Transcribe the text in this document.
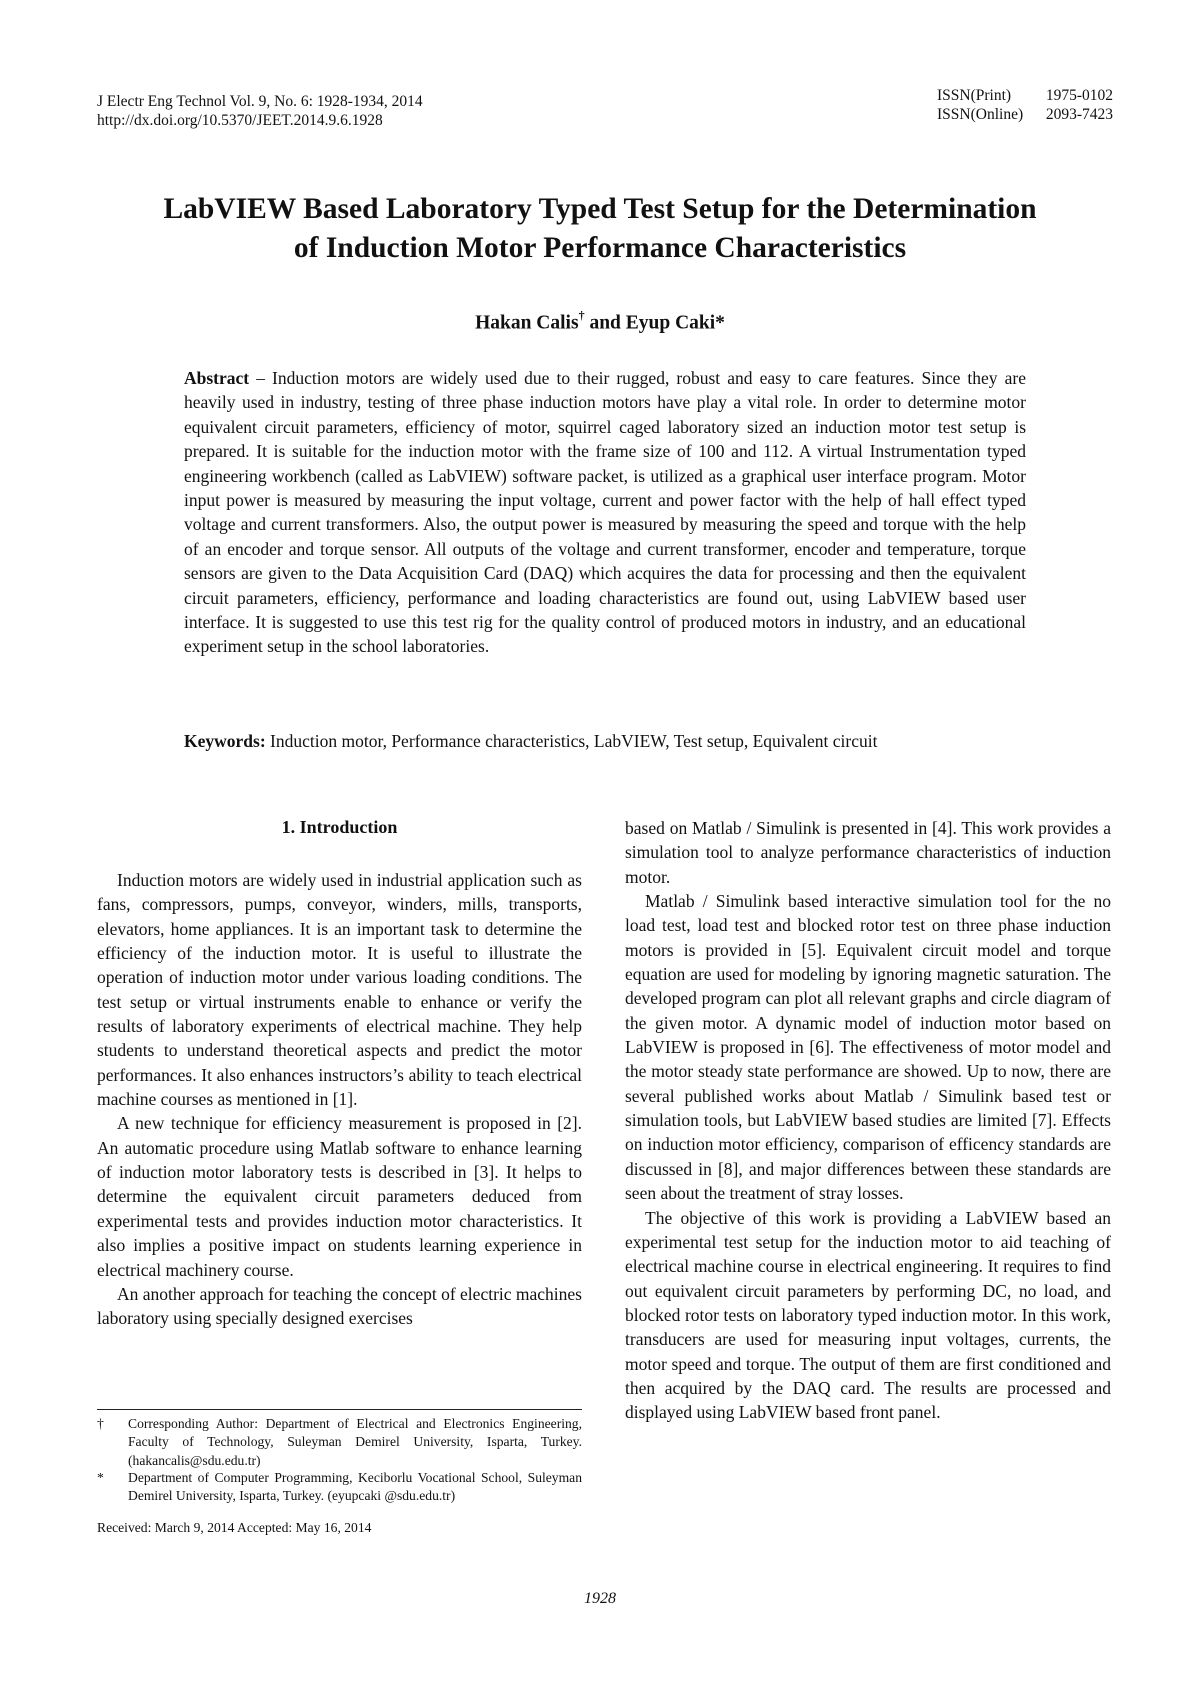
J Electr Eng Technol Vol. 9, No. 6: 1928-1934, 2014
http://dx.doi.org/10.5370/JEET.2014.9.6.1928
ISSN(Print) 1975-0102
ISSN(Online) 2093-7423
LabVIEW Based Laboratory Typed Test Setup for the Determination
of Induction Motor Performance Characteristics
Hakan Calis† and Eyup Caki*
Abstract – Induction motors are widely used due to their rugged, robust and easy to care features. Since they are heavily used in industry, testing of three phase induction motors have play a vital role. In order to determine motor equivalent circuit parameters, efficiency of motor, squirrel caged laboratory sized an induction motor test setup is prepared. It is suitable for the induction motor with the frame size of 100 and 112. A virtual Instrumentation typed engineering workbench (called as LabVIEW) software packet, is utilized as a graphical user interface program. Motor input power is measured by measuring the input voltage, current and power factor with the help of hall effect typed voltage and current transformers. Also, the output power is measured by measuring the speed and torque with the help of an encoder and torque sensor. All outputs of the voltage and current transformer, encoder and temperature, torque sensors are given to the Data Acquisition Card (DAQ) which acquires the data for processing and then the equivalent circuit parameters, efficiency, performance and loading characteristics are found out, using LabVIEW based user interface. It is suggested to use this test rig for the quality control of produced motors in industry, and an educational experiment setup in the school laboratories.
Keywords: Induction motor, Performance characteristics, LabVIEW, Test setup, Equivalent circuit
1. Introduction

Induction motors are widely used in industrial application such as fans, compressors, pumps, conveyor, winders, mills, transports, elevators, home appliances. It is an important task to determine the efficiency of the induction motor. It is useful to illustrate the operation of induction motor under various loading conditions. The test setup or virtual instruments enable to enhance or verify the results of laboratory experiments of electrical machine. They help students to understand theoretical aspects and predict the motor performances. It also enhances instructors’s ability to teach electrical machine courses as mentioned in [1].

A new technique for efficiency measurement is proposed in [2]. An automatic procedure using Matlab software to enhance learning of induction motor laboratory tests is described in [3]. It helps to determine the equivalent circuit parameters deduced from experimental tests and provides induction motor characteristics. It also implies a positive impact on students learning experience in electrical machinery course.

An another approach for teaching the concept of electric machines laboratory using specially designed exercises

†	Corresponding Author: Department of Electrical and Electronics Engineering, Faculty of Technology, Suleyman Demirel University, Isparta, Turkey. (hakancalis@sdu.edu.tr)
*	Department of Computer Programming, Keciborlu Vocational School, Suleyman Demirel University, Isparta, Turkey. (eyupcaki @sdu.edu.tr)
Received: March 9, 2014 Accepted: May 16, 2014

based on Matlab / Simulink is presented in [4]. This work provides a simulation tool to analyze performance characteristics of induction motor.

Matlab / Simulink based interactive simulation tool for the no load test, load test and blocked rotor test on three phase induction motors is provided in [5]. Equivalent circuit model and torque equation are used for modeling by ignoring magnetic saturation. The developed program can plot all relevant graphs and circle diagram of the given motor. A dynamic model of induction motor based on LabVIEW is proposed in [6]. The effectiveness of motor model and the motor steady state performance are showed. Up to now, there are several published works about Matlab / Simulink based test or simulation tools, but LabVIEW based studies are limited [7]. Effects on induction motor efficiency, comparison of efficency standards are discussed in [8], and major differences between these standards are seen about the treatment of stray losses.

The objective of this work is providing a LabVIEW based an experimental test setup for the induction motor to aid teaching of electrical machine course in electrical engineering. It requires to find out equivalent circuit parameters by performing DC, no load, and blocked rotor tests on laboratory typed induction motor. In this work, transducers are used for measuring input voltages, currents, the motor speed and torque. The output of them are first conditioned and then acquired by the DAQ card. The results are processed and displayed using LabVIEW based front panel.

1928
